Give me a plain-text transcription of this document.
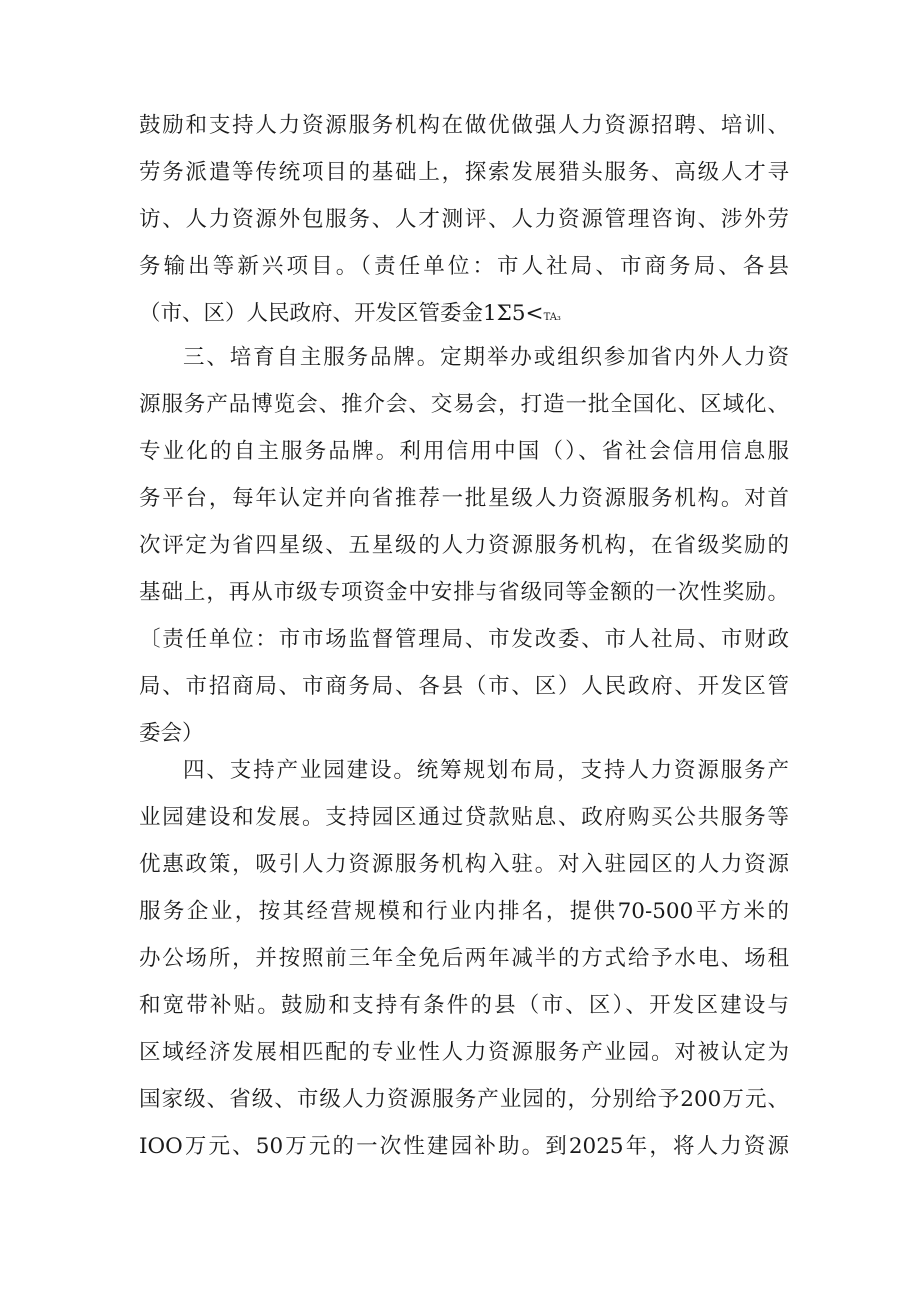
鼓励和支持人力资源服务机构在做优做强人力资源招聘、培训、
劳务派遣等传统项目的基础上，探索发展猎头服务、高级人才寻
访、人力资源外包服务、人才测评、人力资源管理咨询、涉外劳
务输出等新兴项目。（责任单位：市人社局、市商务局、各县
（市、区）人民政府、开发区管委金1Σ5<TA₃
三、培育自主服务品牌。定期举办或组织参加省内外人力资
源服务产品博览会、推介会、交易会，打造一批全国化、区域化、
专业化的自主服务品牌。利用信用中国（）、省社会信用信息服
务平台，每年认定并向省推荐一批星级人力资源服务机构。对首
次评定为省四星级、五星级的人力资源服务机构，在省级奖励的
基础上，再从市级专项资金中安排与省级同等金额的一次性奖励。
〔责任单位：市市场监督管理局、市发改委、市人社局、市财政
局、市招商局、市商务局、各县（市、区）人民政府、开发区管
委会）
四、支持产业园建设。统筹规划布局，支持人力资源服务产
业园建设和发展。支持园区通过贷款贴息、政府购买公共服务等
优惠政策，吸引人力资源服务机构入驻。对入驻园区的人力资源
服务企业，按其经营规模和行业内排名，提供70-500平方米的
办公场所，并按照前三年全免后两年减半的方式给予水电、场租
和宽带补贴。鼓励和支持有条件的县（市、区）、开发区建设与
区域经济发展相匹配的专业性人力资源服务产业园。对被认定为
国家级、省级、市级人力资源服务产业园的，分别给予200万元、
IOO万元、50万元的一次性建园补助。到2025年，将人力资源
